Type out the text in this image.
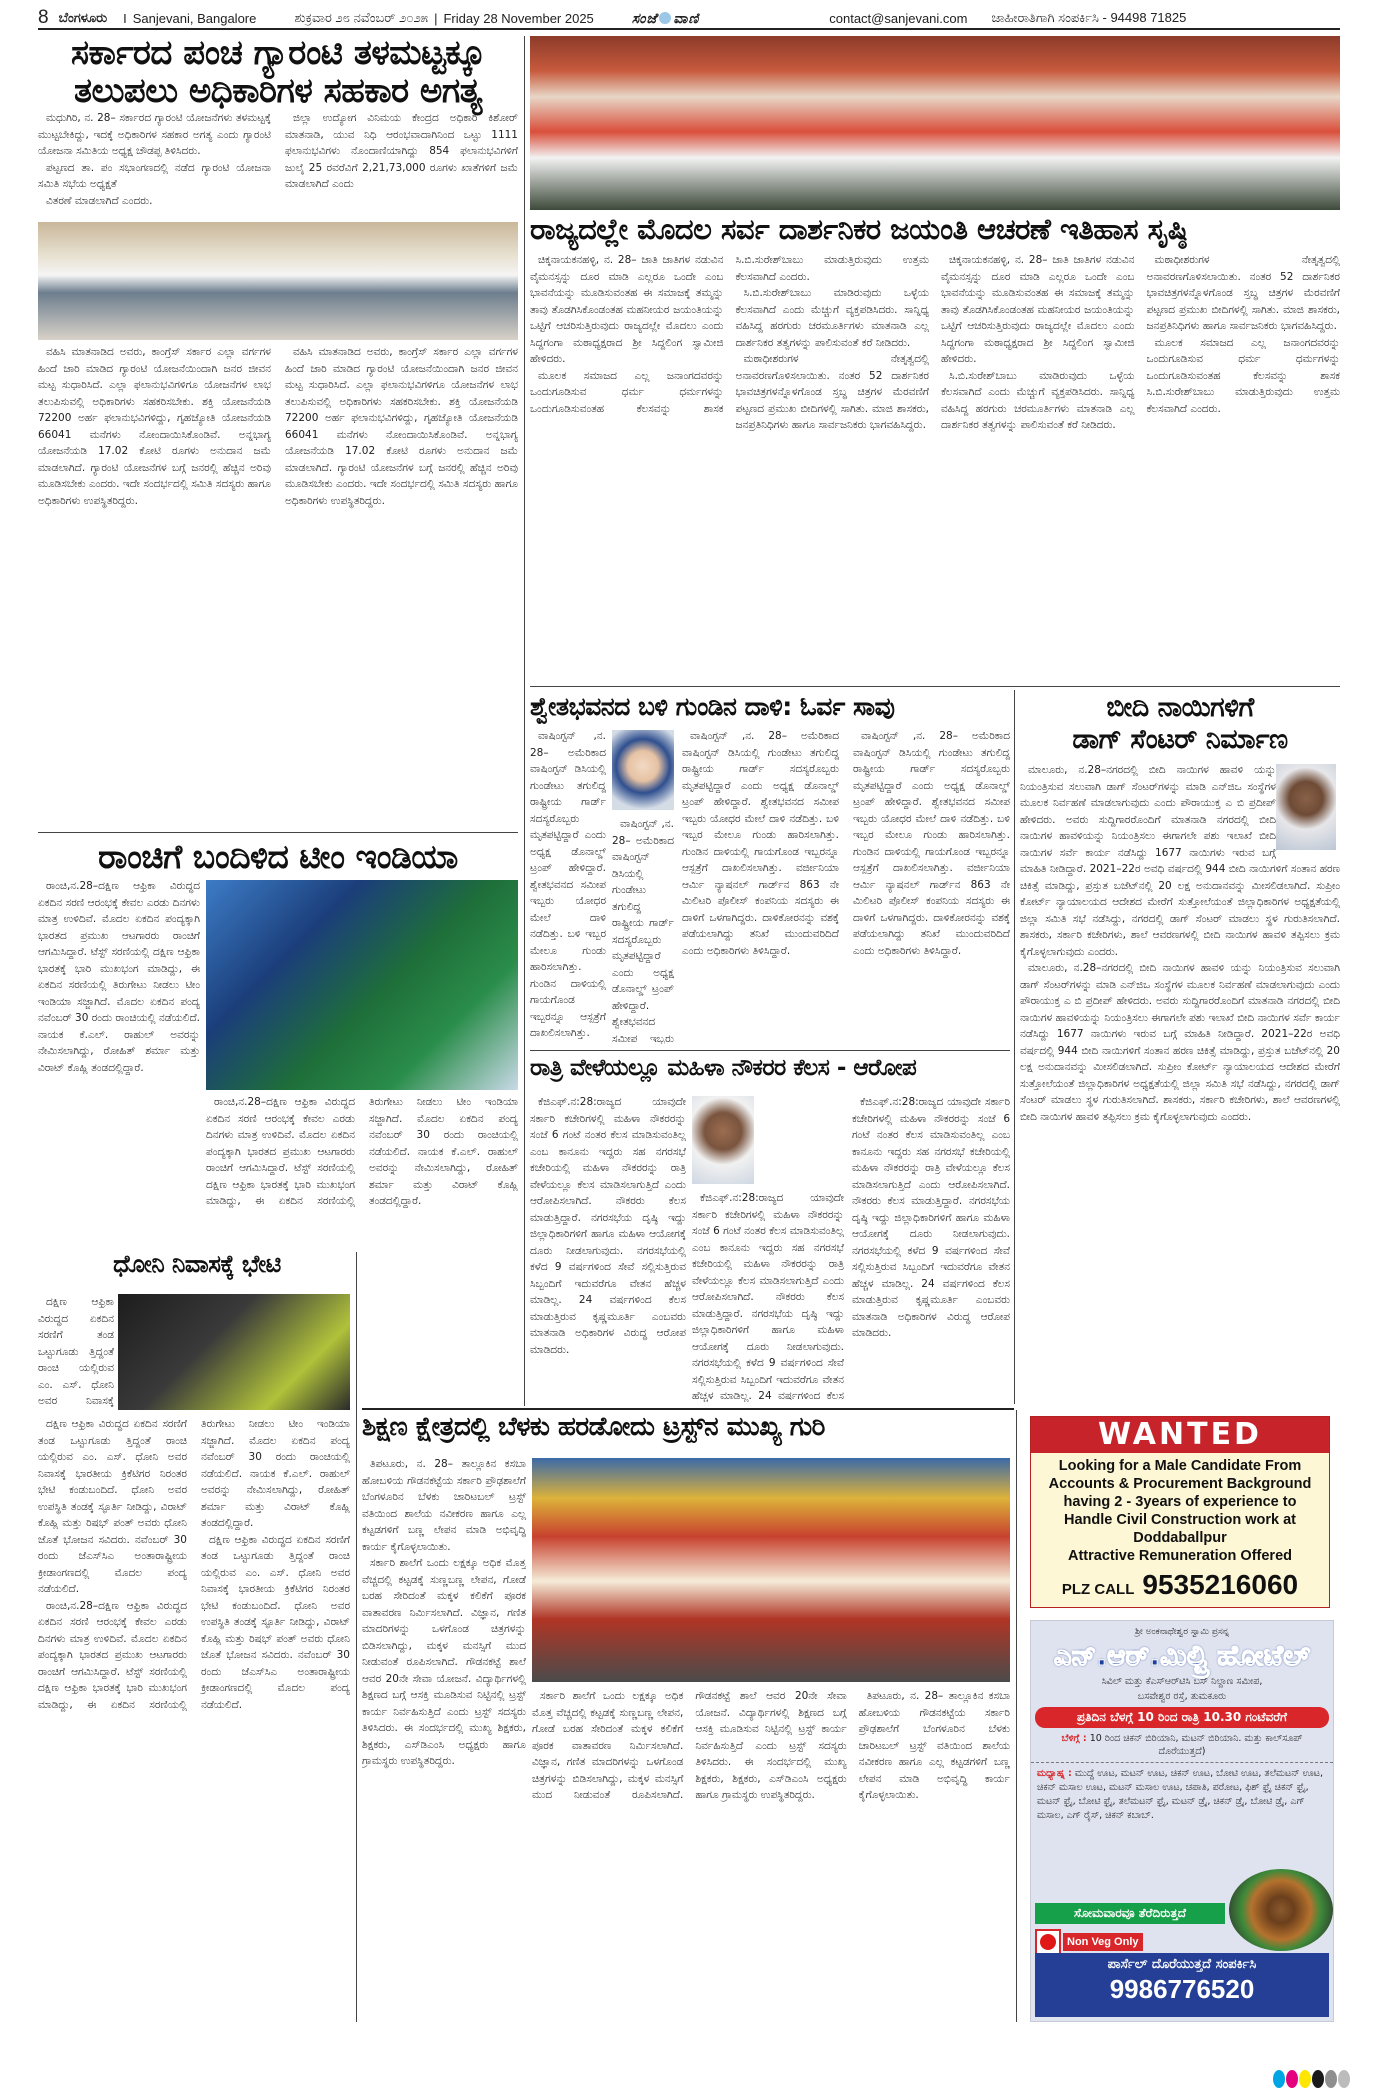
8 ಬೆಂಗಳೂರು I Sanjevani, Bangalore	ಶುಕ್ರವಾರ ೨೮ ನವೆಂಬರ್ ೨೦೨೫ | Friday 28 November 2025	ಸಂಜೆ ವಾಣಿ	contact@sanjevani.com ಜಾಹೀರಾತಿಗಾಗಿ ಸಂಪರ್ಕಿಸಿ - 94498 71825
ಸರ್ಕಾರದ ಪಂಚ ಗ್ಯಾರಂಟಿ ತಳಮಟ್ಟಕ್ಕೂ
ತಲುಪಲು ಅಧಿಕಾರಿಗಳ ಸಹಕಾರ ಅಗತ್ಯ

ಮಧುಗಿರಿ, ನ. 28– ಸರ್ಕಾರದ ಗ್ಯಾರಂಟಿ ಯೋಜನೆಗಳು ತಳಮಟ್ಟಕ್ಕೆ ಮುಟ್ಟಬೇಕಿದ್ದು, ಇದಕ್ಕೆ ಅಧಿಕಾರಿಗಳ ಸಹಕಾರ ಅಗತ್ಯ ಎಂದು ಗ್ಯಾರಂಟಿ ಯೋಜನಾ ಸಮಿತಿಯ ಅಧ್ಯಕ್ಷ ಚೌಡಪ್ಪ ತಿಳಿಸಿದರು.

ಪಟ್ಟಣದ ತಾ. ಪಂ ಸಭಾಂಗಣದಲ್ಲಿ ನಡೆದ ಗ್ಯಾರಂಟಿ ಯೋಜನಾ ಸಮಿತಿ ಸಭೆಯ ಅಧ್ಯಕ್ಷತೆ

ವಿತರಣೆ ಮಾಡಲಾಗಿದೆ ಎಂದರು.

ಜಿಲ್ಲಾ ಉದ್ಯೋಗ ವಿನಿಮಯ ಕೇಂದ್ರದ ಅಧಿಕಾರಿ ಕಿಶೋರ್ ಮಾತನಾಡಿ, ಯುವ ನಿಧಿ ಆರಂಭವಾದಾಗಿನಿಂದ ಒಟ್ಟು 1111 ಫಲಾನುಭವಿಗಳು ನೊಂದಾಣಿಯಾಗಿದ್ದು 854 ಫಲಾನುಭವಿಗಳಿಗೆ ಜುಲೈ 25 ರವರೆವಿಗೆ 2,21,73,000 ರೂಗಳು ಖಾತೆಗಳಿಗೆ ಜಮೆ ಮಾಡಲಾಗಿದೆ ಎಂದು

ವಹಿಸಿ ಮಾತನಾಡಿದ ಅವರು, ಕಾಂಗ್ರೆಸ್ ಸರ್ಕಾರ ಎಲ್ಲಾ ವರ್ಗಗಳ ಹಿಂದೆ ಜಾರಿ ಮಾಡಿದ ಗ್ಯಾರಂಟಿ ಯೋಜನೆಯಿಂದಾಗಿ ಜನರ ಜೀವನ ಮಟ್ಟ ಸುಧಾರಿಸಿದೆ. ಎಲ್ಲಾ ಫಲಾನುಭವಿಗಳಿಗೂ ಯೋಜನೆಗಳ ಲಾಭ ತಲುಪಿಸುವಲ್ಲಿ ಅಧಿಕಾರಿಗಳು ಸಹಕರಿಸಬೇಕು. ಶಕ್ತಿ ಯೋಜನೆಯಡಿ 72200 ಅರ್ಹ ಫಲಾನುಭವಿಗಳಿದ್ದು, ಗೃಹಜ್ಯೋತಿ ಯೋಜನೆಯಡಿ 66041 ಮನೆಗಳು ನೋಂದಾಯಿಸಿಕೊಂಡಿವೆ. ಅನ್ನಭಾಗ್ಯ ಯೋಜನೆಯಡಿ 17.02 ಕೋಟಿ ರೂಗಳು ಅನುದಾನ ಜಮೆ ಮಾಡಲಾಗಿದೆ. ಗ್ಯಾರಂಟಿ ಯೋಜನೆಗಳ ಬಗ್ಗೆ ಜನರಲ್ಲಿ ಹೆಚ್ಚಿನ ಅರಿವು ಮೂಡಿಸಬೇಕು ಎಂದರು. ಇದೇ ಸಂದರ್ಭದಲ್ಲಿ ಸಮಿತಿ ಸದಸ್ಯರು ಹಾಗೂ ಅಧಿಕಾರಿಗಳು ಉಪಸ್ಥಿತರಿದ್ದರು.

ವಹಿಸಿ ಮಾತನಾಡಿದ ಅವರು, ಕಾಂಗ್ರೆಸ್ ಸರ್ಕಾರ ಎಲ್ಲಾ ವರ್ಗಗಳ ಹಿಂದೆ ಜಾರಿ ಮಾಡಿದ ಗ್ಯಾರಂಟಿ ಯೋಜನೆಯಿಂದಾಗಿ ಜನರ ಜೀವನ ಮಟ್ಟ ಸುಧಾರಿಸಿದೆ. ಎಲ್ಲಾ ಫಲಾನುಭವಿಗಳಿಗೂ ಯೋಜನೆಗಳ ಲಾಭ ತಲುಪಿಸುವಲ್ಲಿ ಅಧಿಕಾರಿಗಳು ಸಹಕರಿಸಬೇಕು. ಶಕ್ತಿ ಯೋಜನೆಯಡಿ 72200 ಅರ್ಹ ಫಲಾನುಭವಿಗಳಿದ್ದು, ಗೃಹಜ್ಯೋತಿ ಯೋಜನೆಯಡಿ 66041 ಮನೆಗಳು ನೋಂದಾಯಿಸಿಕೊಂಡಿವೆ. ಅನ್ನಭಾಗ್ಯ ಯೋಜನೆಯಡಿ 17.02 ಕೋಟಿ ರೂಗಳು ಅನುದಾನ ಜಮೆ ಮಾಡಲಾಗಿದೆ. ಗ್ಯಾರಂಟಿ ಯೋಜನೆಗಳ ಬಗ್ಗೆ ಜನರಲ್ಲಿ ಹೆಚ್ಚಿನ ಅರಿವು ಮೂಡಿಸಬೇಕು ಎಂದರು. ಇದೇ ಸಂದರ್ಭದಲ್ಲಿ ಸಮಿತಿ ಸದಸ್ಯರು ಹಾಗೂ ಅಧಿಕಾರಿಗಳು ಉಪಸ್ಥಿತರಿದ್ದರು.

ರಾಜ್ಯದಲ್ಲೇ ಮೊದಲ ಸರ್ವ ದಾರ್ಶನಿಕರ ಜಯಂತಿ ಆಚರಣೆ ಇತಿಹಾಸ ಸೃಷ್ಠಿ

ಚಿಕ್ಕನಾಯಕನಹಳ್ಳಿ, ನ. 28– ಜಾತಿ ಜಾತಿಗಳ ನಡುವಿನ ವೈಮನಸ್ಸನ್ನು ದೂರ ಮಾಡಿ ಎಲ್ಲರೂ ಒಂದೇ ಎಂಬ ಭಾವನೆಯನ್ನು ಮೂಡಿಸುವಂತಹ ಈ ಸಮಾಜಕ್ಕೆ ತಮ್ಮನ್ನು ತಾವು ತೊಡಗಿಸಿಕೊಂಡಂತಹ ಮಹನೀಯರ ಜಯಂತಿಯನ್ನು ಒಟ್ಟಿಗೆ ಆಚರಿಸುತ್ತಿರುವುದು ರಾಜ್ಯದಲ್ಲೇ ಮೊದಲು ಎಂದು ಸಿದ್ದಗಂಗಾ ಮಠಾಧ್ಯಕ್ಷರಾದ ಶ್ರೀ ಸಿದ್ದಲಿಂಗ ಸ್ವಾಮೀಜಿ ಹೇಳಿದರು.

ಮೂಲಕ ಸಮಾಜದ ಎಲ್ಲ ಜನಾಂಗದವರನ್ನು ಒಂದುಗೂಡಿಸುವ ಧರ್ಮ ಧರ್ಮಗಳನ್ನು ಒಂದುಗೂಡಿಸುವಂತಹ ಕೆಲಸವನ್ನು ಶಾಸಕ ಸಿ.ಬಿ.ಸುರೇಶ್‌ಬಾಬು ಮಾಡುತ್ತಿರುವುದು ಉತ್ತಮ ಕೆಲಸವಾಗಿದೆ ಎಂದರು.

ಸಿ.ಬಿ.ಸುರೇಶ್‌ಬಾಬು ಮಾಡಿರುವುದು ಒಳ್ಳೆಯ ಕೆಲಸವಾಗಿದೆ ಎಂದು ಮೆಚ್ಚುಗೆ ವ್ಯಕ್ತಪಡಿಸಿದರು. ಸಾನ್ನಿಧ್ಯ ವಹಿಸಿದ್ದ ಹರಗುರು ಚರಮೂರ್ತಿಗಳು ಮಾತನಾಡಿ ಎಲ್ಲ ದಾರ್ಶನಿಕರ ತತ್ವಗಳನ್ನು ಪಾಲಿಸುವಂತೆ ಕರೆ ನೀಡಿದರು.

ಮಠಾಧೀಶರುಗಳ ನೇತೃತ್ವದಲ್ಲಿ ಅನಾವರಣಗೊಳಿಸಲಾಯಿತು. ನಂತರ 52 ದಾರ್ಶನಿಕರ ಭಾವಚಿತ್ರಗಳನ್ನೊಳಗೊಂಡ ಸ್ತಬ್ಧ ಚಿತ್ರಗಳ ಮೆರವಣಿಗೆ ಪಟ್ಟಣದ ಪ್ರಮುಖ ಬೀದಿಗಳಲ್ಲಿ ಸಾಗಿತು. ಮಾಜಿ ಶಾಸಕರು, ಜನಪ್ರತಿನಿಧಿಗಳು ಹಾಗೂ ಸಾರ್ವಜನಿಕರು ಭಾಗವಹಿಸಿದ್ದರು.

ಚಿಕ್ಕನಾಯಕನಹಳ್ಳಿ, ನ. 28– ಜಾತಿ ಜಾತಿಗಳ ನಡುವಿನ ವೈಮನಸ್ಸನ್ನು ದೂರ ಮಾಡಿ ಎಲ್ಲರೂ ಒಂದೇ ಎಂಬ ಭಾವನೆಯನ್ನು ಮೂಡಿಸುವಂತಹ ಈ ಸಮಾಜಕ್ಕೆ ತಮ್ಮನ್ನು ತಾವು ತೊಡಗಿಸಿಕೊಂಡಂತಹ ಮಹನೀಯರ ಜಯಂತಿಯನ್ನು ಒಟ್ಟಿಗೆ ಆಚರಿಸುತ್ತಿರುವುದು ರಾಜ್ಯದಲ್ಲೇ ಮೊದಲು ಎಂದು ಸಿದ್ದಗಂಗಾ ಮಠಾಧ್ಯಕ್ಷರಾದ ಶ್ರೀ ಸಿದ್ದಲಿಂಗ ಸ್ವಾಮೀಜಿ ಹೇಳಿದರು.

ಸಿ.ಬಿ.ಸುರೇಶ್‌ಬಾಬು ಮಾಡಿರುವುದು ಒಳ್ಳೆಯ ಕೆಲಸವಾಗಿದೆ ಎಂದು ಮೆಚ್ಚುಗೆ ವ್ಯಕ್ತಪಡಿಸಿದರು. ಸಾನ್ನಿಧ್ಯ ವಹಿಸಿದ್ದ ಹರಗುರು ಚರಮೂರ್ತಿಗಳು ಮಾತನಾಡಿ ಎಲ್ಲ ದಾರ್ಶನಿಕರ ತತ್ವಗಳನ್ನು ಪಾಲಿಸುವಂತೆ ಕರೆ ನೀಡಿದರು.

ಮಠಾಧೀಶರುಗಳ ನೇತೃತ್ವದಲ್ಲಿ ಅನಾವರಣಗೊಳಿಸಲಾಯಿತು. ನಂತರ 52 ದಾರ್ಶನಿಕರ ಭಾವಚಿತ್ರಗಳನ್ನೊಳಗೊಂಡ ಸ್ತಬ್ಧ ಚಿತ್ರಗಳ ಮೆರವಣಿಗೆ ಪಟ್ಟಣದ ಪ್ರಮುಖ ಬೀದಿಗಳಲ್ಲಿ ಸಾಗಿತು. ಮಾಜಿ ಶಾಸಕರು, ಜನಪ್ರತಿನಿಧಿಗಳು ಹಾಗೂ ಸಾರ್ವಜನಿಕರು ಭಾಗವಹಿಸಿದ್ದರು.

ಮೂಲಕ ಸಮಾಜದ ಎಲ್ಲ ಜನಾಂಗದವರನ್ನು ಒಂದುಗೂಡಿಸುವ ಧರ್ಮ ಧರ್ಮಗಳನ್ನು ಒಂದುಗೂಡಿಸುವಂತಹ ಕೆಲಸವನ್ನು ಶಾಸಕ ಸಿ.ಬಿ.ಸುರೇಶ್‌ಬಾಬು ಮಾಡುತ್ತಿರುವುದು ಉತ್ತಮ ಕೆಲಸವಾಗಿದೆ ಎಂದರು.

ಶ್ವೇತಭವನದ ಬಳಿ ಗುಂಡಿನ ದಾಳಿ: ಓರ್ವ ಸಾವು

ವಾಷಿಂಗ್ಟನ್ ,ನ. 28– ಅಮೆರಿಕಾದ ವಾಷಿಂಗ್ಟನ್ ಡಿಸಿಯಲ್ಲಿ ಗುಂಡೇಟು ತಗುಲಿದ್ದ ರಾಷ್ಟ್ರೀಯ ಗಾರ್ಡ್ ಸದಸ್ಯರೊಬ್ಬರು ಮೃತಪಟ್ಟಿದ್ದಾರೆ ಎಂದು ಅಧ್ಯಕ್ಷ ಡೊನಾಲ್ಡ್ ಟ್ರಂಪ್ ಹೇಳಿದ್ದಾರೆ. ಶ್ವೇತಭವನದ ಸಮೀಪ ಇಬ್ಬರು ಯೋಧರ ಮೇಲೆ ದಾಳಿ ನಡೆದಿತ್ತು. ಬಳಿ ಇಬ್ಬರ ಮೇಲೂ ಗುಂಡು ಹಾರಿಸಲಾಗಿತ್ತು. ಗುಂಡಿನ ದಾಳಿಯಲ್ಲಿ ಗಾಯಗೊಂಡ ಇಬ್ಬರನ್ನೂ ಆಸ್ಪತ್ರೆಗೆ ದಾಖಲಿಸಲಾಗಿತ್ತು.

ವಾಷಿಂಗ್ಟನ್ ,ನ. 28– ಅಮೆರಿಕಾದ ವಾಷಿಂಗ್ಟನ್ ಡಿಸಿಯಲ್ಲಿ ಗುಂಡೇಟು ತಗುಲಿದ್ದ ರಾಷ್ಟ್ರೀಯ ಗಾರ್ಡ್ ಸದಸ್ಯರೊಬ್ಬರು ಮೃತಪಟ್ಟಿದ್ದಾರೆ ಎಂದು ಅಧ್ಯಕ್ಷ ಡೊನಾಲ್ಡ್ ಟ್ರಂಪ್ ಹೇಳಿದ್ದಾರೆ. ಶ್ವೇತಭವನದ ಸಮೀಪ ಇಬ್ಬರು

ವಾಷಿಂಗ್ಟನ್ ,ನ. 28– ಅಮೆರಿಕಾದ ವಾಷಿಂಗ್ಟನ್ ಡಿಸಿಯಲ್ಲಿ ಗುಂಡೇಟು ತಗುಲಿದ್ದ ರಾಷ್ಟ್ರೀಯ ಗಾರ್ಡ್ ಸದಸ್ಯರೊಬ್ಬರು ಮೃತಪಟ್ಟಿದ್ದಾರೆ ಎಂದು ಅಧ್ಯಕ್ಷ ಡೊನಾಲ್ಡ್ ಟ್ರಂಪ್ ಹೇಳಿದ್ದಾರೆ. ಶ್ವೇತಭವನದ ಸಮೀಪ ಇಬ್ಬರು ಯೋಧರ ಮೇಲೆ ದಾಳಿ ನಡೆದಿತ್ತು. ಬಳಿ ಇಬ್ಬರ ಮೇಲೂ ಗುಂಡು ಹಾರಿಸಲಾಗಿತ್ತು. ಗುಂಡಿನ ದಾಳಿಯಲ್ಲಿ ಗಾಯಗೊಂಡ ಇಬ್ಬರನ್ನೂ ಆಸ್ಪತ್ರೆಗೆ ದಾಖಲಿಸಲಾಗಿತ್ತು. ವರ್ಜೀನಿಯಾ ಆರ್ಮಿ ನ್ಯಾಷನಲ್ ಗಾರ್ಡ್‌ನ 863 ನೇ ಮಿಲಿಟರಿ ಪೊಲೀಸ್ ಕಂಪನಿಯ ಸದಸ್ಯರು ಈ ದಾಳಿಗೆ ಒಳಗಾಗಿದ್ದರು. ದಾಳಿಕೋರನನ್ನು ವಶಕ್ಕೆ ಪಡೆಯಲಾಗಿದ್ದು ತನಿಖೆ ಮುಂದುವರಿದಿದೆ ಎಂದು ಅಧಿಕಾರಿಗಳು ತಿಳಿಸಿದ್ದಾರೆ.

ವಾಷಿಂಗ್ಟನ್ ,ನ. 28– ಅಮೆರಿಕಾದ ವಾಷಿಂಗ್ಟನ್ ಡಿಸಿಯಲ್ಲಿ ಗುಂಡೇಟು ತಗುಲಿದ್ದ ರಾಷ್ಟ್ರೀಯ ಗಾರ್ಡ್ ಸದಸ್ಯರೊಬ್ಬರು ಮೃತಪಟ್ಟಿದ್ದಾರೆ ಎಂದು ಅಧ್ಯಕ್ಷ ಡೊನಾಲ್ಡ್ ಟ್ರಂಪ್ ಹೇಳಿದ್ದಾರೆ. ಶ್ವೇತಭವನದ ಸಮೀಪ ಇಬ್ಬರು ಯೋಧರ ಮೇಲೆ ದಾಳಿ ನಡೆದಿತ್ತು. ಬಳಿ ಇಬ್ಬರ ಮೇಲೂ ಗುಂಡು ಹಾರಿಸಲಾಗಿತ್ತು. ಗುಂಡಿನ ದಾಳಿಯಲ್ಲಿ ಗಾಯಗೊಂಡ ಇಬ್ಬರನ್ನೂ ಆಸ್ಪತ್ರೆಗೆ ದಾಖಲಿಸಲಾಗಿತ್ತು. ವರ್ಜೀನಿಯಾ ಆರ್ಮಿ ನ್ಯಾಷನಲ್ ಗಾರ್ಡ್‌ನ 863 ನೇ ಮಿಲಿಟರಿ ಪೊಲೀಸ್ ಕಂಪನಿಯ ಸದಸ್ಯರು ಈ ದಾಳಿಗೆ ಒಳಗಾಗಿದ್ದರು. ದಾಳಿಕೋರನನ್ನು ವಶಕ್ಕೆ ಪಡೆಯಲಾಗಿದ್ದು ತನಿಖೆ ಮುಂದುವರಿದಿದೆ ಎಂದು ಅಧಿಕಾರಿಗಳು ತಿಳಿಸಿದ್ದಾರೆ.

ಬೀದಿ ನಾಯಿಗಳಿಗೆ
ಡಾಗ್ ಸೆಂಟರ್ ನಿರ್ಮಾಣ

ಮಾಲೂರು, ನ.28–ನಗರದಲ್ಲಿ ಬೀದಿ ನಾಯಿಗಳ ಹಾವಳಿ ಯನ್ನು ನಿಯಂತ್ರಿಸುವ ಸಲುವಾಗಿ ಡಾಗ್ ಸೆಂಟರ್‌ಗಳನ್ನು ಮಾಡಿ ಎನ್‌ಜಿಒ ಸಂಸ್ಥೆಗಳ ಮೂಲಕ ನಿರ್ವಹಣೆ ಮಾಡಲಾಗುವುದು ಎಂದು ಪೌರಾಯುಕ್ತ ಎ ಬಿ ಪ್ರದೀಪ್ ಹೇಳಿದರು. ಅವರು ಸುದ್ದಿಗಾರರೊಂದಿಗೆ ಮಾತನಾಡಿ ನಗರದಲ್ಲಿ ಬೀದಿ ನಾಯಿಗಳ ಹಾವಳಿಯನ್ನು ನಿಯಂತ್ರಿಸಲು ಈಗಾಗಲೇ ಪಶು ಇಲಾಖೆ ಬೀದಿ ನಾಯಿಗಳ ಸರ್ವೆ ಕಾರ್ಯ ನಡೆಸಿದ್ದು 1677 ನಾಯಿಗಳು ಇರುವ ಬಗ್ಗೆ ಮಾಹಿತಿ ನೀಡಿದ್ದಾರೆ. 2021–22ರ ಅವಧಿ ವರ್ಷದಲ್ಲಿ 944 ಬೀದಿ ನಾಯಿಗಳಿಗೆ ಸಂತಾನ ಹರಣ ಚಿಕಿತ್ಸೆ ಮಾಡಿದ್ದು, ಪ್ರಸ್ತುತ ಬಜೆಟ್‌ನಲ್ಲಿ 20 ಲಕ್ಷ ಅನುದಾನವನ್ನು ಮೀಸಲಿಡಲಾಗಿದೆ. ಸುಪ್ರೀಂ ಕೋರ್ಟ್ ನ್ಯಾಯಾಲಯದ ಆದೇಶದ ಮೇರೆಗೆ ಸುತ್ತೋಲೆಯಂತೆ ಜಿಲ್ಲಾಧಿಕಾರಿಗಳ ಅಧ್ಯಕ್ಷತೆಯಲ್ಲಿ ಜಿಲ್ಲಾ ಸಮಿತಿ ಸಭೆ ನಡೆಸಿದ್ದು, ನಗರದಲ್ಲಿ ಡಾಗ್ ಸೆಂಟರ್ ಮಾಡಲು ಸ್ಥಳ ಗುರುತಿಸಲಾಗಿದೆ. ಶಾಸಕರು, ಸರ್ಕಾರಿ ಕಚೇರಿಗಳು, ಶಾಲೆ ಆವರಣಗಳಲ್ಲಿ ಬೀದಿ ನಾಯಿಗಳ ಹಾವಳಿ ತಪ್ಪಿಸಲು ಕ್ರಮ ಕೈಗೊಳ್ಳಲಾಗುವುದು ಎಂದರು.

ಮಾಲೂರು, ನ.28–ನಗರದಲ್ಲಿ ಬೀದಿ ನಾಯಿಗಳ ಹಾವಳಿ ಯನ್ನು ನಿಯಂತ್ರಿಸುವ ಸಲುವಾಗಿ ಡಾಗ್ ಸೆಂಟರ್‌ಗಳನ್ನು ಮಾಡಿ ಎನ್‌ಜಿಒ ಸಂಸ್ಥೆಗಳ ಮೂಲಕ ನಿರ್ವಹಣೆ ಮಾಡಲಾಗುವುದು ಎಂದು ಪೌರಾಯುಕ್ತ ಎ ಬಿ ಪ್ರದೀಪ್ ಹೇಳಿದರು. ಅವರು ಸುದ್ದಿಗಾರರೊಂದಿಗೆ ಮಾತನಾಡಿ ನಗರದಲ್ಲಿ ಬೀದಿ ನಾಯಿಗಳ ಹಾವಳಿಯನ್ನು ನಿಯಂತ್ರಿಸಲು ಈಗಾಗಲೇ ಪಶು ಇಲಾಖೆ ಬೀದಿ ನಾಯಿಗಳ ಸರ್ವೆ ಕಾರ್ಯ ನಡೆಸಿದ್ದು 1677 ನಾಯಿಗಳು ಇರುವ ಬಗ್ಗೆ ಮಾಹಿತಿ ನೀಡಿದ್ದಾರೆ. 2021–22ರ ಅವಧಿ ವರ್ಷದಲ್ಲಿ 944 ಬೀದಿ ನಾಯಿಗಳಿಗೆ ಸಂತಾನ ಹರಣ ಚಿಕಿತ್ಸೆ ಮಾಡಿದ್ದು, ಪ್ರಸ್ತುತ ಬಜೆಟ್‌ನಲ್ಲಿ 20 ಲಕ್ಷ ಅನುದಾನವನ್ನು ಮೀಸಲಿಡಲಾಗಿದೆ. ಸುಪ್ರೀಂ ಕೋರ್ಟ್ ನ್ಯಾಯಾಲಯದ ಆದೇಶದ ಮೇರೆಗೆ ಸುತ್ತೋಲೆಯಂತೆ ಜಿಲ್ಲಾಧಿಕಾರಿಗಳ ಅಧ್ಯಕ್ಷತೆಯಲ್ಲಿ ಜಿಲ್ಲಾ ಸಮಿತಿ ಸಭೆ ನಡೆಸಿದ್ದು, ನಗರದಲ್ಲಿ ಡಾಗ್ ಸೆಂಟರ್ ಮಾಡಲು ಸ್ಥಳ ಗುರುತಿಸಲಾಗಿದೆ. ಶಾಸಕರು, ಸರ್ಕಾರಿ ಕಚೇರಿಗಳು, ಶಾಲೆ ಆವರಣಗಳಲ್ಲಿ ಬೀದಿ ನಾಯಿಗಳ ಹಾವಳಿ ತಪ್ಪಿಸಲು ಕ್ರಮ ಕೈಗೊಳ್ಳಲಾಗುವುದು ಎಂದರು.

ರಾತ್ರಿ ವೇಳೆಯಲ್ಲೂ ಮಹಿಳಾ ನೌಕರರ ಕೆಲಸ - ಆರೋಪ

ಕೆಜಿಎಫ್.ನ:28:ರಾಜ್ಯದ ಯಾವುದೇ ಸರ್ಕಾರಿ ಕಚೇರಿಗಳಲ್ಲಿ ಮಹಿಳಾ ನೌಕರರನ್ನು ಸಂಜೆ 6 ಗಂಟೆ ನಂತರ ಕೆಲಸ ಮಾಡಿಸುವಂತಿಲ್ಲ ಎಂಬ ಕಾನೂನು ಇದ್ದರು ಸಹ ನಗರಸಭೆ ಕಚೇರಿಯಲ್ಲಿ ಮಹಿಳಾ ನೌಕರರನ್ನು ರಾತ್ರಿ ವೇಳೆಯಲ್ಲೂ ಕೆಲಸ ಮಾಡಿಸಲಾಗುತ್ತಿದೆ ಎಂದು ಆರೋಪಿಸಲಾಗಿದೆ. ನೌಕರರು ಕೆಲಸ ಮಾಡುತ್ತಿದ್ದಾರೆ. ನಗರಸಭೆಯ ದೃಷ್ಠಿ ಇದ್ದು ಜಿಲ್ಲಾಧಿಕಾರಿಗಳಿಗೆ ಹಾಗೂ ಮಹಿಳಾ ಆಯೋಗಕ್ಕೆ ದೂರು ನೀಡಲಾಗುವುದು. ನಗರಸಭೆಯಲ್ಲಿ ಕಳೆದ 9 ವರ್ಷಗಳಿಂದ ಸೇವೆ ಸಲ್ಲಿಸುತ್ತಿರುವ ಸಿಬ್ಬಂದಿಗೆ ಇದುವರೆಗೂ ವೇತನ ಹೆಚ್ಚಳ ಮಾಡಿಲ್ಲ. 24 ವರ್ಷಗಳಿಂದ ಕೆಲಸ ಮಾಡುತ್ತಿರುವ ಕೃಷ್ಣಮೂರ್ತಿ ಎಂಬವರು ಮಾತನಾಡಿ ಅಧಿಕಾರಿಗಳ ವಿರುದ್ಧ ಆರೋಪ ಮಾಡಿದರು.

ಕೆಜಿಎಫ್.ನ:28:ರಾಜ್ಯದ ಯಾವುದೇ ಸರ್ಕಾರಿ ಕಚೇರಿಗಳಲ್ಲಿ ಮಹಿಳಾ ನೌಕರರನ್ನು ಸಂಜೆ 6 ಗಂಟೆ ನಂತರ ಕೆಲಸ ಮಾಡಿಸುವಂತಿಲ್ಲ ಎಂಬ ಕಾನೂನು ಇದ್ದರು ಸಹ ನಗರಸಭೆ ಕಚೇರಿಯಲ್ಲಿ ಮಹಿಳಾ ನೌಕರರನ್ನು ರಾತ್ರಿ ವೇಳೆಯಲ್ಲೂ ಕೆಲಸ ಮಾಡಿಸಲಾಗುತ್ತಿದೆ ಎಂದು ಆರೋಪಿಸಲಾಗಿದೆ. ನೌಕರರು ಕೆಲಸ ಮಾಡುತ್ತಿದ್ದಾರೆ. ನಗರಸಭೆಯ ದೃಷ್ಠಿ ಇದ್ದು ಜಿಲ್ಲಾಧಿಕಾರಿಗಳಿಗೆ ಹಾಗೂ ಮಹಿಳಾ ಆಯೋಗಕ್ಕೆ ದೂರು ನೀಡಲಾಗುವುದು. ನಗರಸಭೆಯಲ್ಲಿ ಕಳೆದ 9 ವರ್ಷಗಳಿಂದ ಸೇವೆ ಸಲ್ಲಿಸುತ್ತಿರುವ ಸಿಬ್ಬಂದಿಗೆ ಇದುವರೆಗೂ ವೇತನ ಹೆಚ್ಚಳ ಮಾಡಿಲ್ಲ. 24 ವರ್ಷಗಳಿಂದ ಕೆಲಸ

ಕೆಜಿಎಫ್.ನ:28:ರಾಜ್ಯದ ಯಾವುದೇ ಸರ್ಕಾರಿ ಕಚೇರಿಗಳಲ್ಲಿ ಮಹಿಳಾ ನೌಕರರನ್ನು ಸಂಜೆ 6 ಗಂಟೆ ನಂತರ ಕೆಲಸ ಮಾಡಿಸುವಂತಿಲ್ಲ ಎಂಬ ಕಾನೂನು ಇದ್ದರು ಸಹ ನಗರಸಭೆ ಕಚೇರಿಯಲ್ಲಿ ಮಹಿಳಾ ನೌಕರರನ್ನು ರಾತ್ರಿ ವೇಳೆಯಲ್ಲೂ ಕೆಲಸ ಮಾಡಿಸಲಾಗುತ್ತಿದೆ ಎಂದು ಆರೋಪಿಸಲಾಗಿದೆ. ನೌಕರರು ಕೆಲಸ ಮಾಡುತ್ತಿದ್ದಾರೆ. ನಗರಸಭೆಯ ದೃಷ್ಠಿ ಇದ್ದು ಜಿಲ್ಲಾಧಿಕಾರಿಗಳಿಗೆ ಹಾಗೂ ಮಹಿಳಾ ಆಯೋಗಕ್ಕೆ ದೂರು ನೀಡಲಾಗುವುದು. ನಗರಸಭೆಯಲ್ಲಿ ಕಳೆದ 9 ವರ್ಷಗಳಿಂದ ಸೇವೆ ಸಲ್ಲಿಸುತ್ತಿರುವ ಸಿಬ್ಬಂದಿಗೆ ಇದುವರೆಗೂ ವೇತನ ಹೆಚ್ಚಳ ಮಾಡಿಲ್ಲ. 24 ವರ್ಷಗಳಿಂದ ಕೆಲಸ ಮಾಡುತ್ತಿರುವ ಕೃಷ್ಣಮೂರ್ತಿ ಎಂಬವರು ಮಾತನಾಡಿ ಅಧಿಕಾರಿಗಳ ವಿರುದ್ಧ ಆರೋಪ ಮಾಡಿದರು.

ರಾಂಚಿಗೆ ಬಂದಿಳಿದ ಟೀಂ ಇಂಡಿಯಾ

ರಾಂಚಿ,ನ.28–ದಕ್ಷಿಣ ಆಫ್ರಿಕಾ ವಿರುದ್ಧದ ಏಕದಿನ ಸರಣಿ ಆರಂಭಕ್ಕೆ ಕೇವಲ ಎರಡು ದಿನಗಳು ಮಾತ್ರ ಉಳಿದಿವೆ. ಮೊದಲ ಏಕದಿನ ಪಂದ್ಯಕ್ಕಾಗಿ ಭಾರತದ ಪ್ರಮುಖ ಆಟಗಾರರು ರಾಂಚಿಗೆ ಆಗಮಿಸಿದ್ದಾರೆ. ಟೆಸ್ಟ್ ಸರಣಿಯಲ್ಲಿ ದಕ್ಷಿಣ ಆಫ್ರಿಕಾ ಭಾರತಕ್ಕೆ ಭಾರಿ ಮುಖಭಂಗ ಮಾಡಿದ್ದು, ಈ ಏಕದಿನ ಸರಣಿಯಲ್ಲಿ ತಿರುಗೇಟು ನೀಡಲು ಟೀಂ ಇಂಡಿಯಾ ಸಜ್ಜಾಗಿದೆ. ಮೊದಲ ಏಕದಿನ ಪಂದ್ಯ ನವೆಂಬರ್ 30 ರಂದು ರಾಂಚಿಯಲ್ಲಿ ನಡೆಯಲಿದೆ. ನಾಯಕ ಕೆ.ಎಲ್. ರಾಹುಲ್ ಅವರನ್ನು ನೇಮಿಸಲಾಗಿದ್ದು, ರೋಹಿತ್ ಶರ್ಮಾ ಮತ್ತು ವಿರಾಟ್ ಕೊಹ್ಲಿ ತಂಡದಲ್ಲಿದ್ದಾರೆ.

ರಾಂಚಿ,ನ.28–ದಕ್ಷಿಣ ಆಫ್ರಿಕಾ ವಿರುದ್ಧದ ಏಕದಿನ ಸರಣಿ ಆರಂಭಕ್ಕೆ ಕೇವಲ ಎರಡು ದಿನಗಳು ಮಾತ್ರ ಉಳಿದಿವೆ. ಮೊದಲ ಏಕದಿನ ಪಂದ್ಯಕ್ಕಾಗಿ ಭಾರತದ ಪ್ರಮುಖ ಆಟಗಾರರು ರಾಂಚಿಗೆ ಆಗಮಿಸಿದ್ದಾರೆ. ಟೆಸ್ಟ್ ಸರಣಿಯಲ್ಲಿ ದಕ್ಷಿಣ ಆಫ್ರಿಕಾ ಭಾರತಕ್ಕೆ ಭಾರಿ ಮುಖಭಂಗ ಮಾಡಿದ್ದು, ಈ ಏಕದಿನ ಸರಣಿಯಲ್ಲಿ ತಿರುಗೇಟು ನೀಡಲು ಟೀಂ ಇಂಡಿಯಾ ಸಜ್ಜಾಗಿದೆ. ಮೊದಲ ಏಕದಿನ ಪಂದ್ಯ ನವೆಂಬರ್ 30 ರಂದು ರಾಂಚಿಯಲ್ಲಿ ನಡೆಯಲಿದೆ. ನಾಯಕ ಕೆ.ಎಲ್. ರಾಹುಲ್ ಅವರನ್ನು ನೇಮಿಸಲಾಗಿದ್ದು, ರೋಹಿತ್ ಶರ್ಮಾ ಮತ್ತು ವಿರಾಟ್ ಕೊಹ್ಲಿ ತಂಡದಲ್ಲಿದ್ದಾರೆ.

ಧೋನಿ ನಿವಾಸಕ್ಕೆ ಭೇಟಿ

ದಕ್ಷಿಣ ಆಫ್ರಿಕಾ ವಿರುದ್ಧದ ಏಕದಿನ ಸರಣಿಗೆ ತಂಡ ಒಟ್ಟುಗೂಡು ತ್ತಿದ್ದಂತೆ ರಾಂಚಿ ಯಲ್ಲಿರುವ ಎಂ. ಎಸ್. ಧೋನಿ ಅವರ ನಿವಾಸಕ್ಕೆ

ದಕ್ಷಿಣ ಆಫ್ರಿಕಾ ವಿರುದ್ಧದ ಏಕದಿನ ಸರಣಿಗೆ ತಂಡ ಒಟ್ಟುಗೂಡು ತ್ತಿದ್ದಂತೆ ರಾಂಚಿ ಯಲ್ಲಿರುವ ಎಂ. ಎಸ್. ಧೋನಿ ಅವರ ನಿವಾಸಕ್ಕೆ ಭಾರತೀಯ ಕ್ರಿಕೆಟಿಗರ ನಿರಂತರ ಭೇಟಿ ಕಂಡುಬಂದಿದೆ. ಧೋನಿ ಅವರ ಉಪಸ್ಥಿತಿ ತಂಡಕ್ಕೆ ಸ್ಫೂರ್ತಿ ನೀಡಿದ್ದು, ವಿರಾಟ್ ಕೊಹ್ಲಿ ಮತ್ತು ರಿಷಭ್ ಪಂತ್ ಅವರು ಧೋನಿ ಜೊತೆ ಭೋಜನ ಸವಿದರು. ನವೆಂಬರ್ 30 ರಂದು ಜೆಎಸ್‌ಸಿಎ ಅಂತಾರಾಷ್ಟ್ರೀಯ ಕ್ರೀಡಾಂಗಣದಲ್ಲಿ ಮೊದಲ ಪಂದ್ಯ ನಡೆಯಲಿದೆ.

ರಾಂಚಿ,ನ.28–ದಕ್ಷಿಣ ಆಫ್ರಿಕಾ ವಿರುದ್ಧದ ಏಕದಿನ ಸರಣಿ ಆರಂಭಕ್ಕೆ ಕೇವಲ ಎರಡು ದಿನಗಳು ಮಾತ್ರ ಉಳಿದಿವೆ. ಮೊದಲ ಏಕದಿನ ಪಂದ್ಯಕ್ಕಾಗಿ ಭಾರತದ ಪ್ರಮುಖ ಆಟಗಾರರು ರಾಂಚಿಗೆ ಆಗಮಿಸಿದ್ದಾರೆ. ಟೆಸ್ಟ್ ಸರಣಿಯಲ್ಲಿ ದಕ್ಷಿಣ ಆಫ್ರಿಕಾ ಭಾರತಕ್ಕೆ ಭಾರಿ ಮುಖಭಂಗ ಮಾಡಿದ್ದು, ಈ ಏಕದಿನ ಸರಣಿಯಲ್ಲಿ ತಿರುಗೇಟು ನೀಡಲು ಟೀಂ ಇಂಡಿಯಾ ಸಜ್ಜಾಗಿದೆ. ಮೊದಲ ಏಕದಿನ ಪಂದ್ಯ ನವೆಂಬರ್ 30 ರಂದು ರಾಂಚಿಯಲ್ಲಿ ನಡೆಯಲಿದೆ. ನಾಯಕ ಕೆ.ಎಲ್. ರಾಹುಲ್ ಅವರನ್ನು ನೇಮಿಸಲಾಗಿದ್ದು, ರೋಹಿತ್ ಶರ್ಮಾ ಮತ್ತು ವಿರಾಟ್ ಕೊಹ್ಲಿ ತಂಡದಲ್ಲಿದ್ದಾರೆ.

ದಕ್ಷಿಣ ಆಫ್ರಿಕಾ ವಿರುದ್ಧದ ಏಕದಿನ ಸರಣಿಗೆ ತಂಡ ಒಟ್ಟುಗೂಡು ತ್ತಿದ್ದಂತೆ ರಾಂಚಿ ಯಲ್ಲಿರುವ ಎಂ. ಎಸ್. ಧೋನಿ ಅವರ ನಿವಾಸಕ್ಕೆ ಭಾರತೀಯ ಕ್ರಿಕೆಟಿಗರ ನಿರಂತರ ಭೇಟಿ ಕಂಡುಬಂದಿದೆ. ಧೋನಿ ಅವರ ಉಪಸ್ಥಿತಿ ತಂಡಕ್ಕೆ ಸ್ಫೂರ್ತಿ ನೀಡಿದ್ದು, ವಿರಾಟ್ ಕೊಹ್ಲಿ ಮತ್ತು ರಿಷಭ್ ಪಂತ್ ಅವರು ಧೋನಿ ಜೊತೆ ಭೋಜನ ಸವಿದರು. ನವೆಂಬರ್ 30 ರಂದು ಜೆಎಸ್‌ಸಿಎ ಅಂತಾರಾಷ್ಟ್ರೀಯ ಕ್ರೀಡಾಂಗಣದಲ್ಲಿ ಮೊದಲ ಪಂದ್ಯ ನಡೆಯಲಿದೆ.

ಶಿಕ್ಷಣ ಕ್ಷೇತ್ರದಲ್ಲಿ ಬೆಳಕು ಹರಡೋದು ಟ್ರಸ್ಟ್‌ನ ಮುಖ್ಯ ಗುರಿ

ತಿಪಟೂರು, ನ. 28– ತಾಲ್ಲೂಕಿನ ಕಸಬಾ ಹೋಬಳಿಯ ಗೌಡನಕಟ್ಟೆಯ ಸರ್ಕಾರಿ ಪ್ರೌಢಶಾಲೆಗೆ ಬೆಂಗಳೂರಿನ ಬೆಳಕು ಚಾರಿಟಬಲ್ ಟ್ರಸ್ಟ್ ವತಿಯಿಂದ ಶಾಲೆಯ ನವೀಕರಣ ಹಾಗೂ ಎಲ್ಲ ಕಟ್ಟಡಗಳಿಗೆ ಬಣ್ಣ ಲೇಪನ ಮಾಡಿ ಅಭಿವೃದ್ಧಿ ಕಾರ್ಯ ಕೈಗೊಳ್ಳಲಾಯಿತು.

ಸರ್ಕಾರಿ ಶಾಲೆಗೆ ಒಂದು ಲಕ್ಷಕ್ಕೂ ಅಧಿಕ ಮೊತ್ತ ವೆಚ್ಚದಲ್ಲಿ ಕಟ್ಟಡಕ್ಕೆ ಸುಣ್ಣಬಣ್ಣ ಲೇಪನ, ಗೋಡೆ ಬರಹ ಸೇರಿದಂತೆ ಮಕ್ಕಳ ಕಲಿಕೆಗೆ ಪೂರಕ ವಾತಾವರಣ ನಿರ್ಮಿಸಲಾಗಿದೆ. ವಿಜ್ಞಾನ, ಗಣಿತ ಮಾದರಿಗಳನ್ನು ಒಳಗೊಂಡ ಚಿತ್ರಗಳನ್ನು ಬಿಡಿಸಲಾಗಿದ್ದು, ಮಕ್ಕಳ ಮನಸ್ಸಿಗೆ ಮುದ ನೀಡುವಂತೆ ರೂಪಿಸಲಾಗಿದೆ. ಗೌಡನಕಟ್ಟೆ ಶಾಲೆ ಆವರ 20ನೇ ಸೇವಾ ಯೋಜನೆ. ವಿದ್ಯಾರ್ಥಿಗಳಲ್ಲಿ ಶಿಕ್ಷಣದ ಬಗ್ಗೆ ಆಸಕ್ತಿ ಮೂಡಿಸುವ ನಿಟ್ಟಿನಲ್ಲಿ ಟ್ರಸ್ಟ್ ಕಾರ್ಯ ನಿರ್ವಹಿಸುತ್ತಿದೆ ಎಂದು ಟ್ರಸ್ಟ್ ಸದಸ್ಯರು ತಿಳಿಸಿದರು. ಈ ಸಂದರ್ಭದಲ್ಲಿ ಮುಖ್ಯ ಶಿಕ್ಷಕರು, ಶಿಕ್ಷಕರು, ಎಸ್‌ಡಿಎಂಸಿ ಅಧ್ಯಕ್ಷರು ಹಾಗೂ ಗ್ರಾಮಸ್ಥರು ಉಪಸ್ಥಿತರಿದ್ದರು.

ಸರ್ಕಾರಿ ಶಾಲೆಗೆ ಒಂದು ಲಕ್ಷಕ್ಕೂ ಅಧಿಕ ಮೊತ್ತ ವೆಚ್ಚದಲ್ಲಿ ಕಟ್ಟಡಕ್ಕೆ ಸುಣ್ಣಬಣ್ಣ ಲೇಪನ, ಗೋಡೆ ಬರಹ ಸೇರಿದಂತೆ ಮಕ್ಕಳ ಕಲಿಕೆಗೆ ಪೂರಕ ವಾತಾವರಣ ನಿರ್ಮಿಸಲಾಗಿದೆ. ವಿಜ್ಞಾನ, ಗಣಿತ ಮಾದರಿಗಳನ್ನು ಒಳಗೊಂಡ ಚಿತ್ರಗಳನ್ನು ಬಿಡಿಸಲಾಗಿದ್ದು, ಮಕ್ಕಳ ಮನಸ್ಸಿಗೆ ಮುದ ನೀಡುವಂತೆ ರೂಪಿಸಲಾಗಿದೆ. ಗೌಡನಕಟ್ಟೆ ಶಾಲೆ ಆವರ 20ನೇ ಸೇವಾ ಯೋಜನೆ. ವಿದ್ಯಾರ್ಥಿಗಳಲ್ಲಿ ಶಿಕ್ಷಣದ ಬಗ್ಗೆ ಆಸಕ್ತಿ ಮೂಡಿಸುವ ನಿಟ್ಟಿನಲ್ಲಿ ಟ್ರಸ್ಟ್ ಕಾರ್ಯ ನಿರ್ವಹಿಸುತ್ತಿದೆ ಎಂದು ಟ್ರಸ್ಟ್ ಸದಸ್ಯರು ತಿಳಿಸಿದರು. ಈ ಸಂದರ್ಭದಲ್ಲಿ ಮುಖ್ಯ ಶಿಕ್ಷಕರು, ಶಿಕ್ಷಕರು, ಎಸ್‌ಡಿಎಂಸಿ ಅಧ್ಯಕ್ಷರು ಹಾಗೂ ಗ್ರಾಮಸ್ಥರು ಉಪಸ್ಥಿತರಿದ್ದರು.

ತಿಪಟೂರು, ನ. 28– ತಾಲ್ಲೂಕಿನ ಕಸಬಾ ಹೋಬಳಿಯ ಗೌಡನಕಟ್ಟೆಯ ಸರ್ಕಾರಿ ಪ್ರೌಢಶಾಲೆಗೆ ಬೆಂಗಳೂರಿನ ಬೆಳಕು ಚಾರಿಟಬಲ್ ಟ್ರಸ್ಟ್ ವತಿಯಿಂದ ಶಾಲೆಯ ನವೀಕರಣ ಹಾಗೂ ಎಲ್ಲ ಕಟ್ಟಡಗಳಿಗೆ ಬಣ್ಣ ಲೇಪನ ಮಾಡಿ ಅಭಿವೃದ್ಧಿ ಕಾರ್ಯ ಕೈಗೊಳ್ಳಲಾಯಿತು.

WANTED
Looking for a Male Candidate From
Accounts & Procurement Background
having 2 - 3years of experience to
Handle Civil Construction work at
Doddaballpur
Attractive Remuneration Offered
PLZ CALL 9535216060
ಶ್ರೀ ಅಂಕನಾಥೇಶ್ವರ ಸ್ವಾಮಿ ಪ್ರಸನ್ನ
ಎನ್.ಆರ್.ಮಿಲ್ಟ್ರಿ ಹೋಟೆಲ್
ಸಿವಿಲ್ ಮತ್ತು ಕೆಎಸ್ಆರ್‌ಟಿಸಿ ಬಸ್ ನಿಲ್ದಾಣ ಸಮೀಪ,
ಬಸವೇಶ್ವರ ರಸ್ತೆ, ತುಮಕೂರು
ಪ್ರತಿದಿನ ಬೆಳಗ್ಗೆ 10 ರಿಂದ ರಾತ್ರಿ 10.30 ಗಂಟೆವರೆಗೆ
ಬೆಳಿಗ್ಗೆ : 10 ರಿಂದ ಚಿಕನ್ ಬಿರಿಯಾನಿ, ಮಟನ್ ಬಿರಿಯಾನಿ. ಮತ್ತು ಕಾಲ್‌ಸೂಪ್ ದೊರೆಯುತ್ತದೆ)
ಮಧ್ಯಾಹ್ನ : ಮುದ್ದೆ ಊಟ, ಮಟನ್ ಊಟ, ಚಿಕನ್ ಊಟ, ಬೋಟಿ ಊಟ, ತಲೆಮಟನ್ ಊಟ, ಚಿಕನ್ ಮಸಾಲ ಊಟ, ಮಟನ್ ಮಸಾಲ ಊಟ, ಚಪಾತಿ, ಪರೋಟ, ಫಿಶ್ ಫ್ರೈ ಚಿಕನ್ ಫ್ರೈ, ಮಟನ್ ಫ್ರೈ, ಬೋಟಿ ಫ್ರೈ, ತಲೆಮಟನ್ ಫ್ರೈ, ಮಟನ್ ಡ್ರೈ, ಚಿಕನ್ ಡ್ರೈ, ಬೋಟಿ ಡ್ರೈ, ಎಗ್ ಮಸಾಲ, ಎಗ್ ರೈಸ್, ಚಿಕನ್ ಕಬಾಬ್.
ಸೋಮವಾರವೂ ತೆರೆದಿರುತ್ತದೆ
Non Veg Only
ಪಾರ್ಸೆಲ್ ದೊರೆಯುತ್ತದೆ ಸಂಪರ್ಕಿಸಿ
9986776520
